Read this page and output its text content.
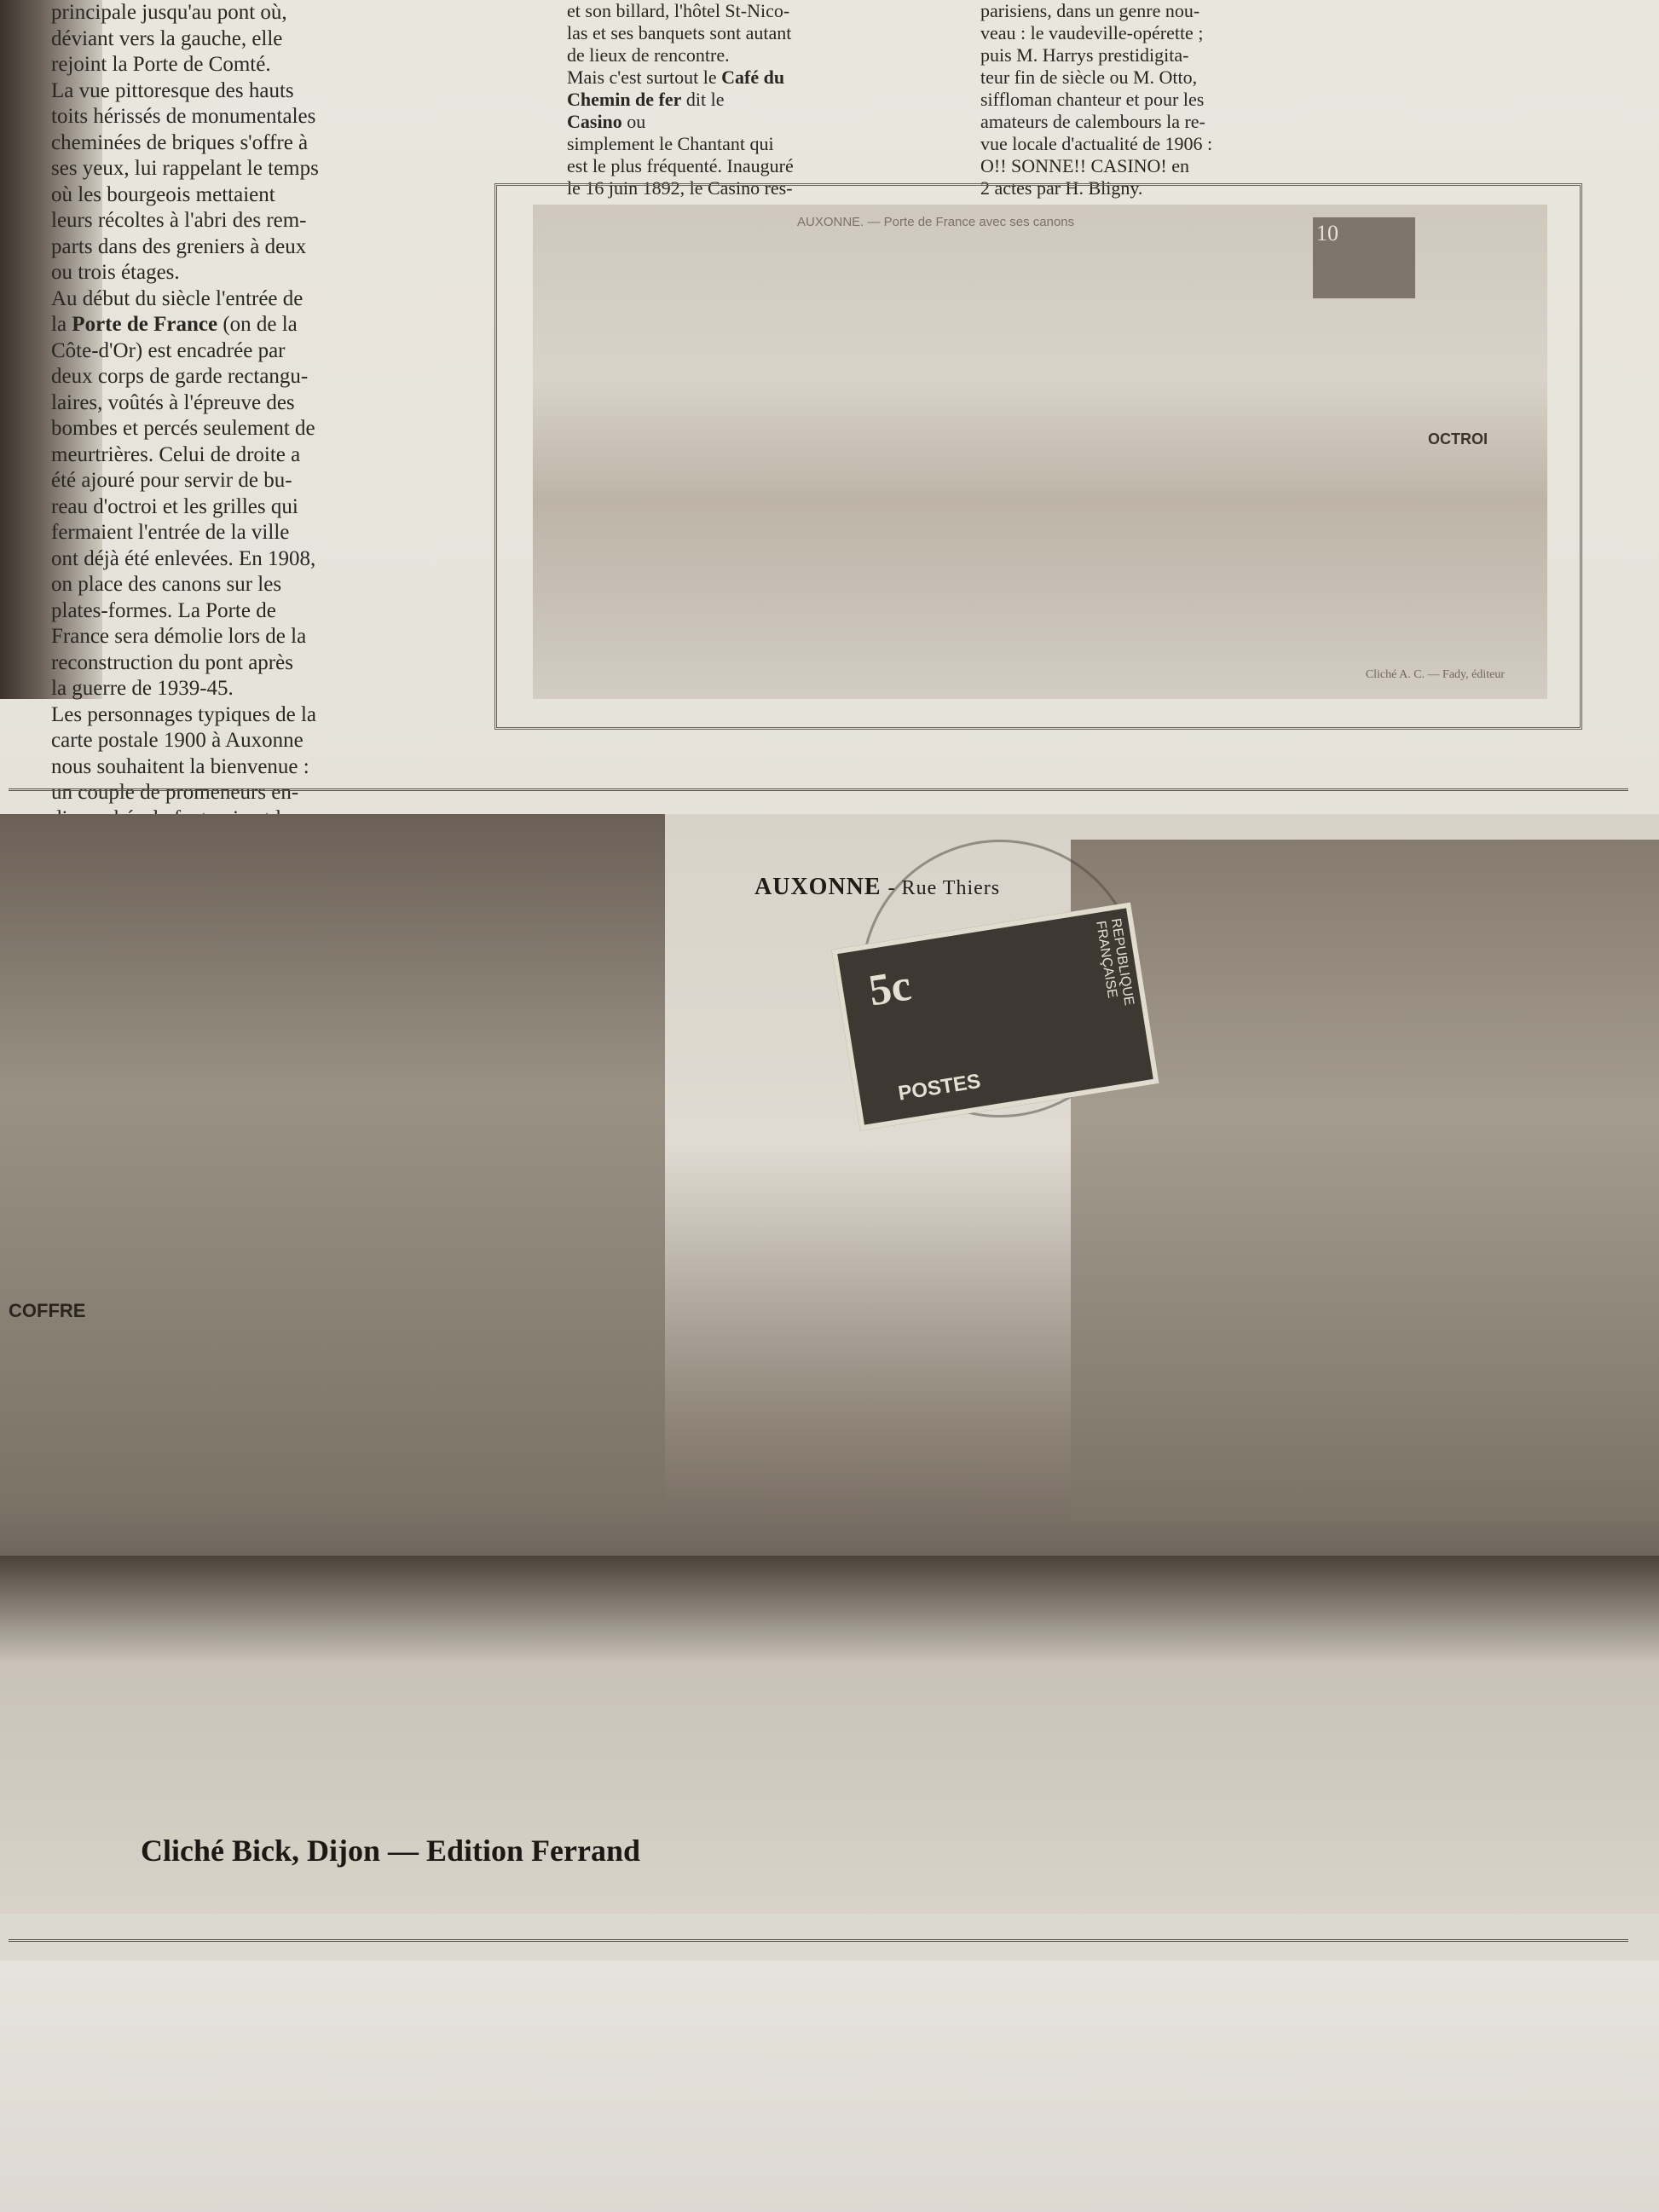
principale jusqu'au pont où,

déviant vers la gauche, elle

rejoint la Porte de Comté.

La vue pittoresque des hauts

toits hérissés de monumentales

cheminées de briques s'offre à

ses yeux, lui rappelant le temps

où les bourgeois mettaient

leurs récoltes à l'abri des rem-

parts dans des greniers à deux

ou trois étages.

Au début du siècle l'entrée de

la Porte de France (on de la

Côte-d'Or) est encadrée par

deux corps de garde rectangu-

laires, voûtés à l'épreuve des

bombes et percés seulement de

meurtrières. Celui de droite a

été ajouré pour servir de bu-

reau d'octroi et les grilles qui

fermaient l'entrée de la ville

ont déjà été enlevées. En 1908,

on place des canons sur les

plates-formes. La Porte de

France sera démolie lors de la

reconstruction du pont après

la guerre de 1939-45.

Les personnages typiques de la

carte postale 1900 à Auxonne

nous souhaitent la bienvenue :

un couple de promeneurs en-

et son billard, l'hôtel St-Nico-

las et ses banquets sont autant

de lieux de rencontre.

Mais c'est surtout le Café du

Chemin de fer dit le

Casino ou

simplement le Chantant qui

est le plus fréquenté. Inauguré

le 16 juin 1892, le Casino res-

parisiens, dans un genre nou-

veau : le vaudeville-opérette ;

puis M. Harrys prestidigita-

teur fin de siècle ou M. Otto,

siffloman chanteur et pour les

amateurs de calembours la re-

vue locale d'actualité de 1906 :

O!! SONNE!! CASINO! en

2 actes par H. Bligny.

AUXONNE. — Porte de France avec ses canons	10
OCTROI
Cliché A. C. — Fady, éditeur
COFFRE
AUXONNE - Rue Thiers
5c	REPUBLIQUE FRANÇAISE
POSTES
Cliché Bick, Dijon — Edition Ferrand
